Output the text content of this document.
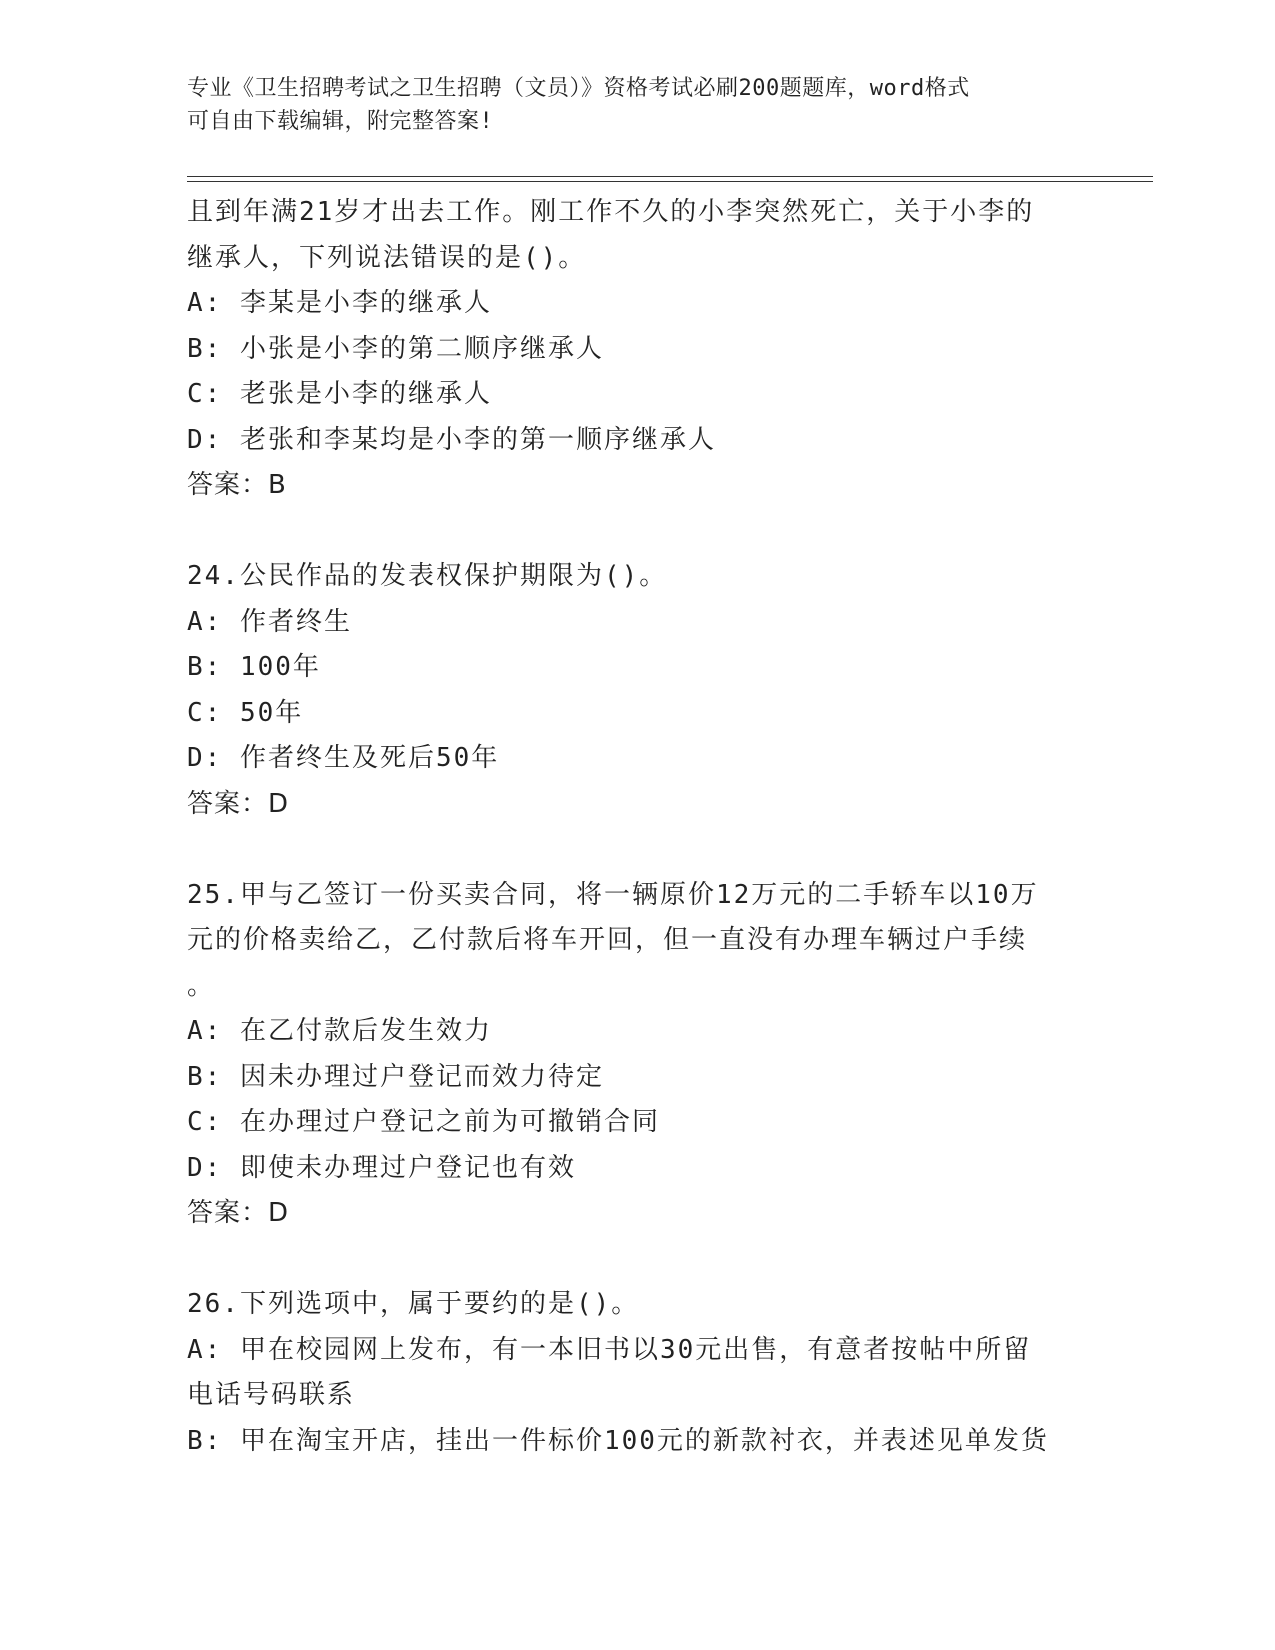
专业《卫生招聘考试之卫生招聘（文员）》资格考试必刷200题题库，word格式
可自由下载编辑，附完整答案!
且到年满21岁才出去工作。刚工作不久的小李突然死亡，关于小李的
继承人，下列说法错误的是()。
A: 李某是小李的继承人
B: 小张是小李的第二顺序继承人
C: 老张是小李的继承人
D: 老张和李某均是小李的第一顺序继承人
答案：B
24.公民作品的发表权保护期限为()。
A: 作者终生
B: 100年
C: 50年
D: 作者终生及死后50年
答案：D
25.甲与乙签订一份买卖合同，将一辆原价12万元的二手轿车以10万
元的价格卖给乙，乙付款后将车开回，但一直没有办理车辆过户手续
。
A: 在乙付款后发生效力
B: 因未办理过户登记而效力待定
C: 在办理过户登记之前为可撤销合同
D: 即使未办理过户登记也有效
答案：D
26.下列选项中，属于要约的是()。
A: 甲在校园网上发布，有一本旧书以30元出售，有意者按帖中所留
电话号码联系
B: 甲在淘宝开店，挂出一件标价100元的新款衬衣，并表述见单发货
